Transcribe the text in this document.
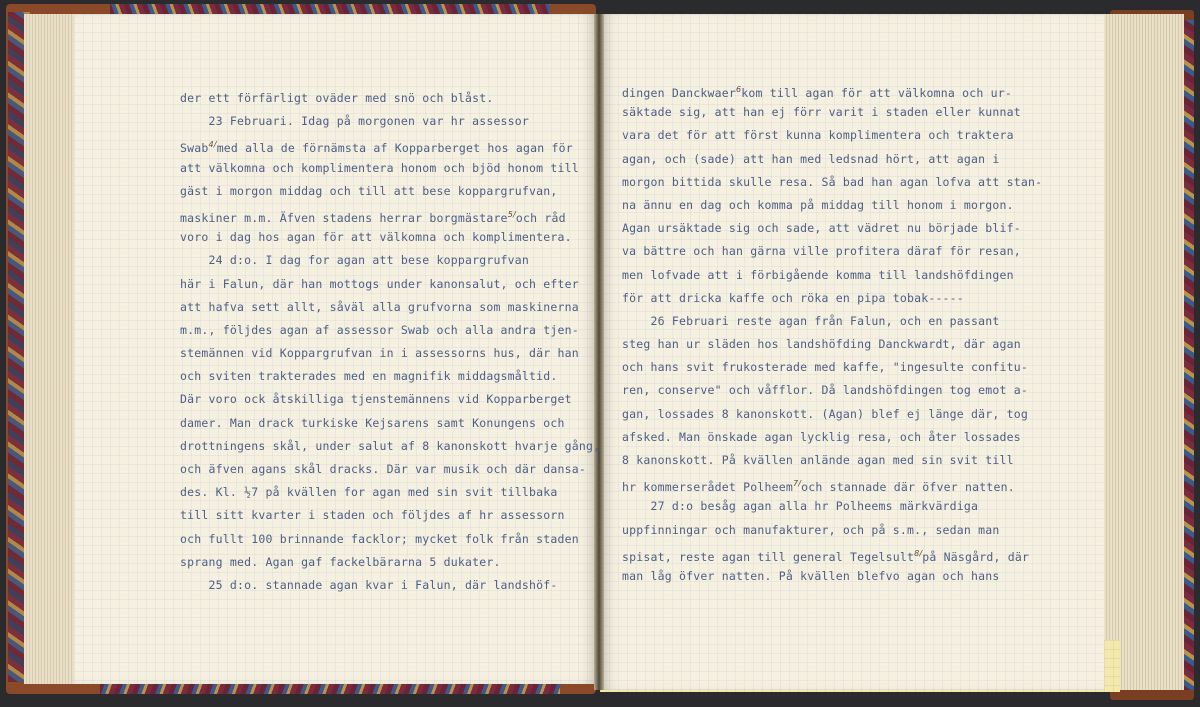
der ett förfärligt oväder med snö och blåst.
23 Februari. Idag på morgonen var hr assessor
Swab$^{4/}$med alla de förnämsta af Kopparberget hos agan för
att välkomna och komplimentera honom och bjöd honom till
gäst i morgon middag och till att bese koppargrufvan,
maskiner m.m. Äfven stadens herrar borgmästare$^{5/}$och råd
voro i dag hos agan för att välkomna och komplimentera.
24 d:o. I dag for agan att bese koppargrufvan
här i Falun, där han mottogs under kanonsalut, och efter
att hafva sett allt, såväl alla grufvorna som maskinerna
m.m., följdes agan af assessor Swab och alla andra tjen-
stemännen vid Koppargrufvan in i assessorns hus, där han
och sviten trakterades med en magnifik middagsmåltid.
Där voro ock åtskilliga tjenstemännens vid Kopparberget
damer. Man drack turkiske Kejsarens samt Konungens och
drottningens skål, under salut af 8 kanonskott hvarje gång,
och äfven agans skål dracks. Där var musik och där dansa-
des. Kl. ½7 på kvällen for agan med sin svit tillbaka
till sitt kvarter i staden och följdes af hr assessorn
och fullt 100 brinnande facklor; mycket folk från staden
sprang med. Agan gaf fackelbärarna 5 dukater.
25 d:o. stannade agan kvar i Falun, där landshöf-
dingen Danckwaer$^6$kom till agan för att välkomna och ur-
säktade sig, att han ej förr varit i staden eller kunnat
vara det för att först kunna komplimentera och traktera
agan, och (sade) att han med ledsnad hört, att agan i
morgon bittida skulle resa. Så bad han agan lofva att stan-
na ännu en dag och komma på middag till honom i morgon.
Agan ursäktade sig och sade, att vädret nu började blif-
va bättre och han gärna ville profitera däraf för resan,
men lofvade att i förbigående komma till landshöfdingen
för att dricka kaffe och röka en pipa tobak-----
26 Februari reste agan från Falun, och en passant
steg han ur släden hos landshöfding Danckwardt, där agan
och hans svit frukosterade med kaffe, "ingesulte confitu-
ren, conserve" och våfflor. Då landshöfdingen tog emot a-
gan, lossades 8 kanonskott. (Agan) blef ej länge där, tog
afsked. Man önskade agan lycklig resa, och åter lossades
8 kanonskott. På kvällen anlände agan med sin svit till
hr kommerserådet Polheem$^{7/}$och stannade där öfver natten.
27 d:o besåg agan alla hr Polheems märkvärdiga
uppfinningar och manufakturer, och på s.m., sedan man
spisat, reste agan till general Tegelsult$^{8/}$på Näsgård, där
man låg öfver natten. På kvällen blefvo agan och hans
